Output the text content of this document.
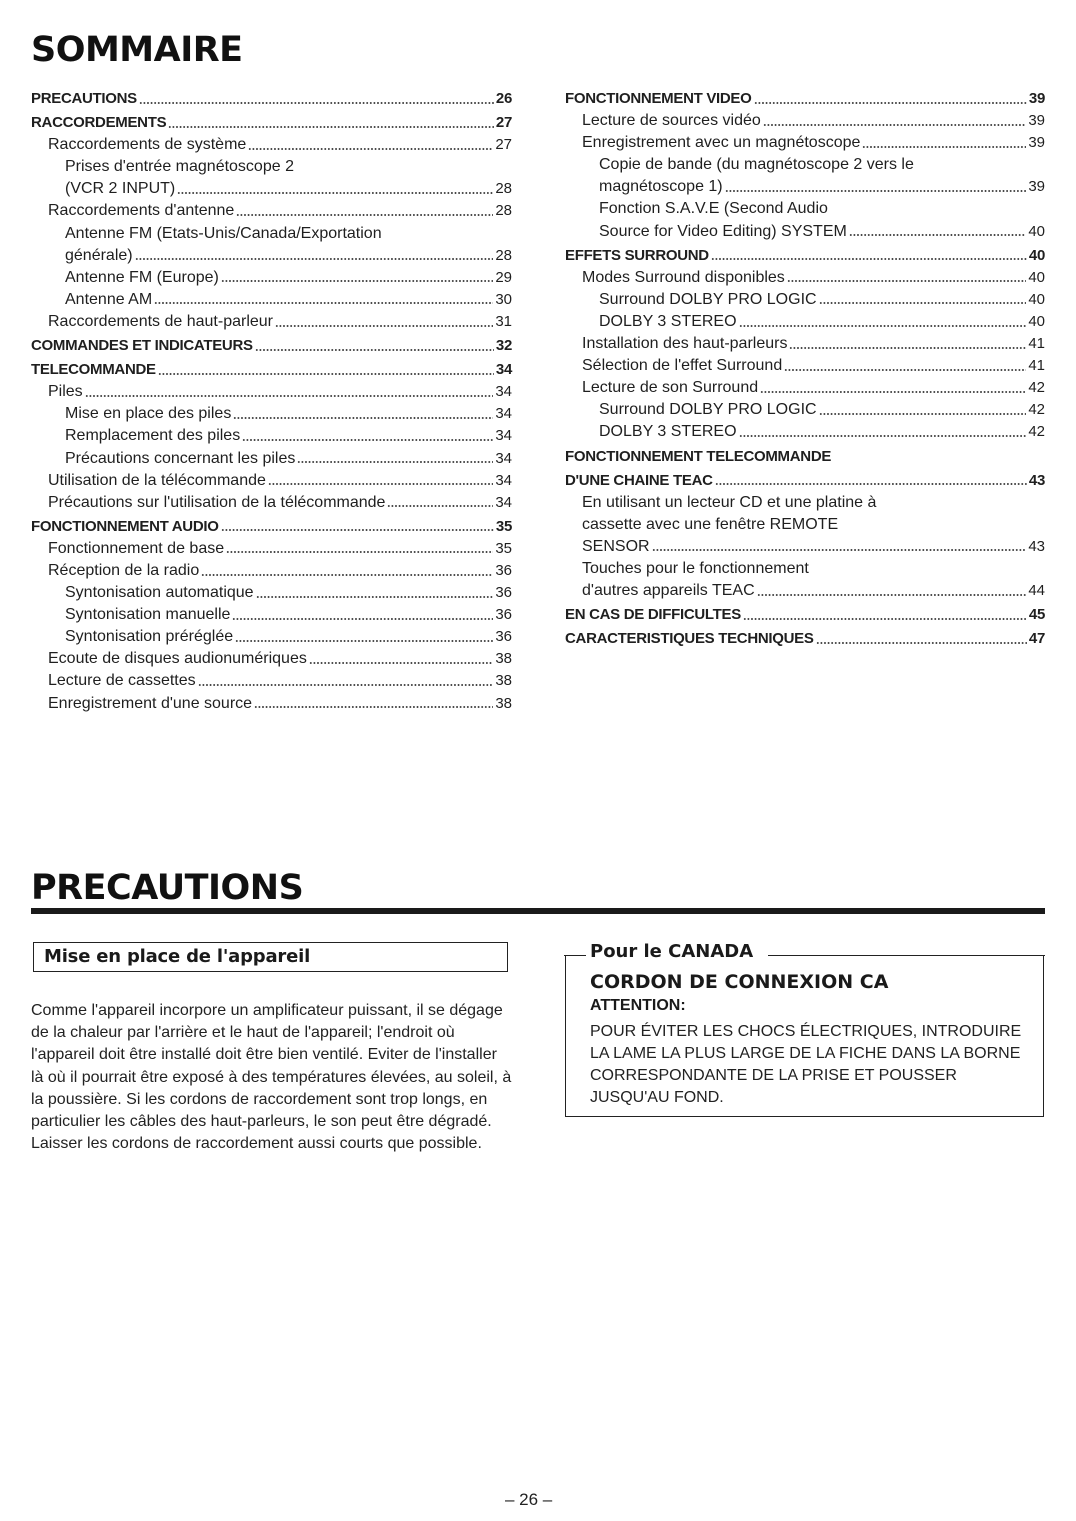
SOMMAIRE
PRECAUTIONS	26
RACCORDEMENTS	27
Raccordements de système	27
Prises d'entrée magnétoscope 2
(VCR 2 INPUT)	28
Raccordements d'antenne	28
Antenne FM (Etats-Unis/Canada/Exportation
générale)	28
Antenne FM (Europe)	29
Antenne AM	30
Raccordements de haut-parleur	31
COMMANDES ET INDICATEURS	32
TELECOMMANDE	34
Piles	34
Mise en place des piles	34
Remplacement des piles	34
Précautions concernant les piles	34
Utilisation de la télécommande	34
Précautions sur l'utilisation de la télécommande	34
FONCTIONNEMENT AUDIO	35
Fonctionnement de base	35
Réception de la radio	36
Syntonisation automatique	36
Syntonisation manuelle	36
Syntonisation préréglée	36
Ecoute de disques audionumériques	38
Lecture de cassettes	38
Enregistrement d'une source	38
FONCTIONNEMENT VIDEO	39
Lecture de sources vidéo	39
Enregistrement avec un magnétoscope	39
Copie de bande (du magnétoscope 2 vers le
magnétoscope 1)	39
Fonction S.A.V.E (Second Audio
Source for Video Editing) SYSTEM	40
EFFETS SURROUND	40
Modes Surround disponibles	40
Surround DOLBY PRO LOGIC	40
DOLBY 3 STEREO	40
Installation des haut-parleurs	41
Sélection de l'effet Surround	41
Lecture de son Surround	42
Surround DOLBY PRO LOGIC	42
DOLBY 3 STEREO	42
FONCTIONNEMENT TELECOMMANDE
D'UNE CHAINE TEAC	43
En utilisant un lecteur CD et une platine à
cassette avec une fenêtre REMOTE
SENSOR	43
Touches pour le fonctionnement
d'autres appareils TEAC	44
EN CAS DE DIFFICULTES	45
CARACTERISTIQUES TECHNIQUES	47
PRECAUTIONS
Mise en place de l'appareil

Comme l'appareil incorpore un amplificateur puissant, il se dégage de la chaleur par l'arrière et le haut de l'appareil; l'endroit où l'appareil doit être installé doit être bien ventilé. Eviter de l'installer là où il pourrait être exposé à des températures élevées, au soleil, à la poussière. Si les cordons de raccordement sont trop longs, en particulier les câbles des haut-parleurs, le son peut être dégradé. Laisser les cordons de raccordement aussi courts que possible.

Pour le CANADA
CORDON DE CONNEXION CA
ATTENTION:

POUR ÉVITER LES CHOCS ÉLECTRIQUES, INTRODUIRE LA LAME LA PLUS LARGE DE LA FICHE DANS LA BORNE CORRESPONDANTE DE LA PRISE ET POUSSER JUSQU'AU FOND.

– 26 –
